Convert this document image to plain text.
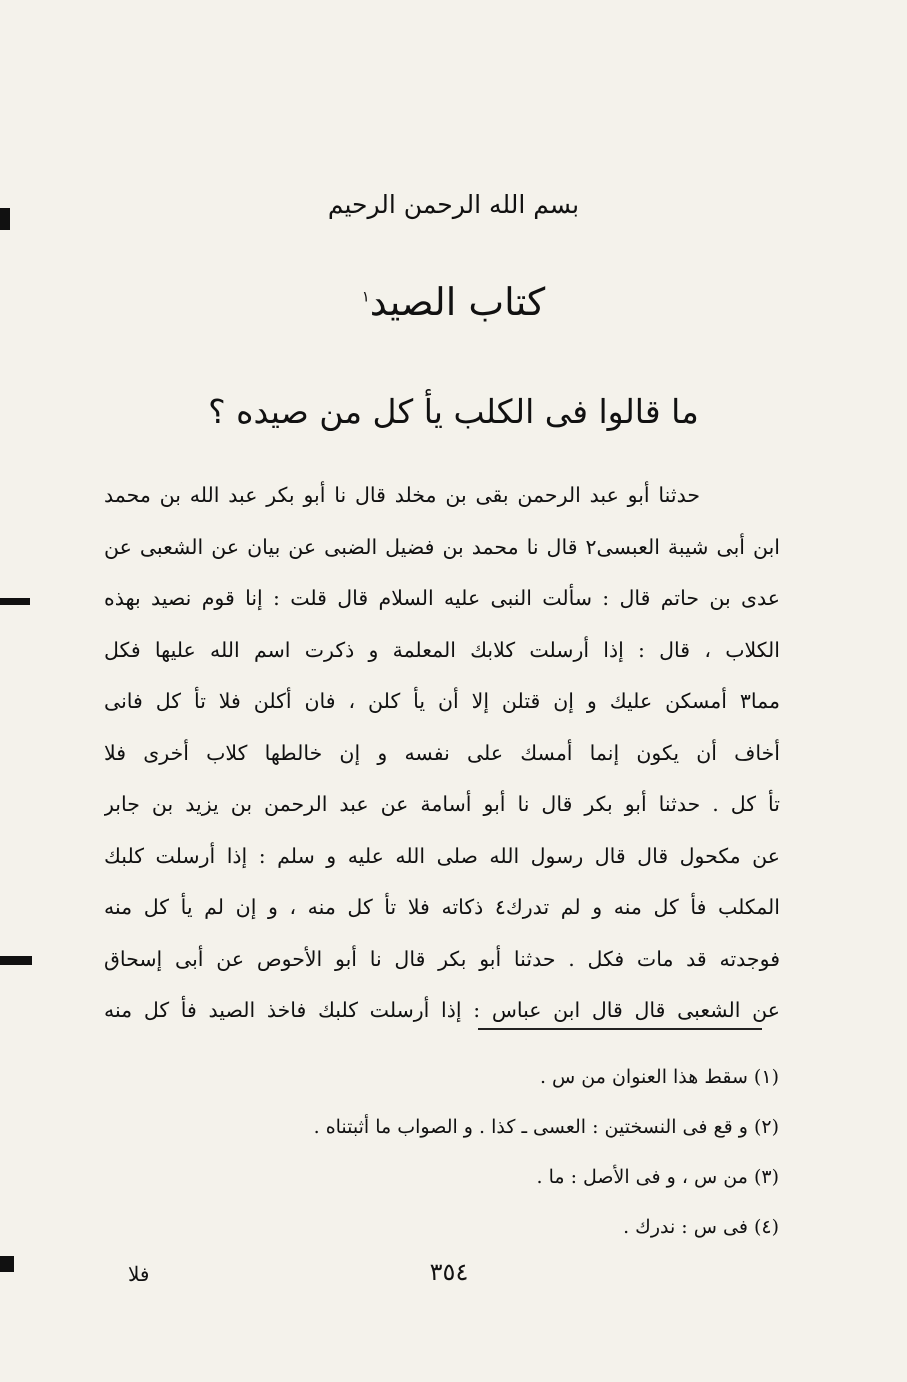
بسم الله الرحمن الرحيم
كتاب الصيد$^١$
ما قالوا فى الكلب يأ كل من صيده ؟
حدثنا أبو عبد الرحمن بقى بن مخلد قال نا أبو بكر عبد الله بن محمد
ابن أبى شيبة العبسى٢ قال نا محمد بن فضيل الضبى عن بيان عن الشعبى عن
عدى بن حاتم قال : سألت النبى عليه السلام قال قلت : إنا قوم نصيد بهذه
الكلاب ، قال : إذا أرسلت كلابك المعلمة و ذكرت اسم الله عليها فكل
مما٣ أمسكن عليك و إن قتلن إلا أن يأ كلن ، فان أكلن فلا تأ كل فانى
أخاف أن يكون إنما أمسك على نفسه و إن خالطها كلاب أخرى فلا
تأ كل . حدثنا أبو بكر قال نا أبو أسامة عن عبد الرحمن بن يزيد بن جابر
عن مكحول قال قال رسول الله صلى الله عليه و سلم : إذا أرسلت كلبك
المكلب فأ كل منه و لم تدرك٤ ذكاته فلا تأ كل منه ، و إن لم يأ كل منه
فوجدته قد مات فكل . حدثنا أبو بكر قال نا أبو الأحوص عن أبى إسحاق
عن الشعبى قال قال ابن عباس : إذا أرسلت كلبك فاخذ الصيد فأ كل منه
(١) سقط هذا العنوان من س .
(٢) و قع فى النسختين : العسى ـ كذا . و الصواب ما أثبتناه .
(٣) من س ، و فى الأصل : ما .
(٤) فى س : ندرك .
٣٥٤
فلا
